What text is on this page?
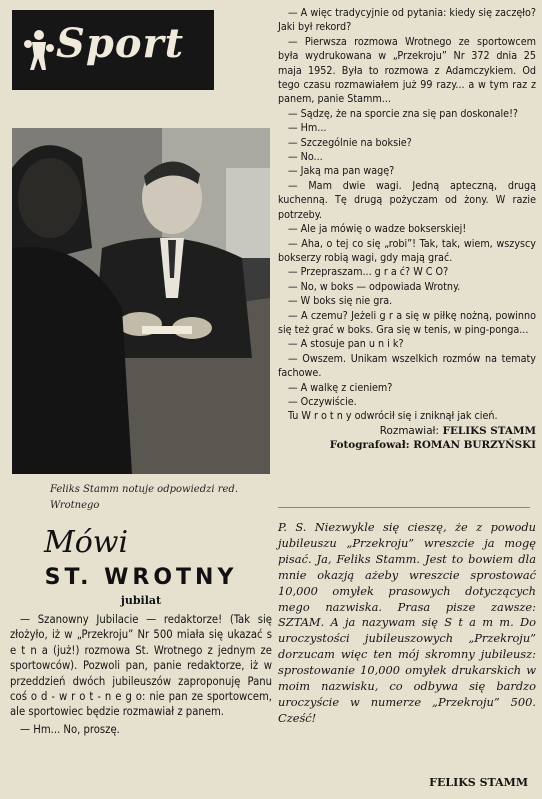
Sport
Feliks Stamm notuje odpowiedzi red. Wrotnego
Mówi
ST. WROTNY
jubilat

— Szanowny Jubilacie — redaktorze! (Tak się złożyło, iż w „Przekroju” Nr 500 miała się ukazać s e t n a (już!) rozmowa St. Wrotnego z jednym ze sportowców). Pozwoli pan, panie redaktorze, iż w przeddzień dwóch jubileuszów zaproponuję Panu coś o d - w r o t - n e g o: nie pan ze sportowcem, ale sportowiec będzie rozmawiał z panem.

— Hm... No, proszę.

— A więc tradycyjnie od pytania: kiedy się zaczęło? Jaki był rekord?

— Pierwsza rozmowa Wrotnego ze sportowcem była wydrukowana w „Przekroju” Nr 372 dnia 25 maja 1952. Była to rozmowa z Adamczykiem. Od tego czasu rozmawiałem już 99 razy... a w tym raz z panem, panie Stamm...

— Sądzę, że na sporcie zna się pan doskonale!?

— Hm...

— Szczególnie na boksie?

— No...

— Jaką ma pan wagę?

— Mam dwie wagi. Jedną apteczną, drugą kuchenną. Tę drugą pożyczam od żony. W razie potrzeby.

— Ale ja mówię o wadze bokserskiej!

— Aha, o tej co się „robi”! Tak, tak, wiem, wszyscy bokserzy robią wagi, gdy mają grać.

— Przepraszam... g r a ć? W C O?

— No, w boks — odpowiada Wrotny.

— W boks się nie gra.

— A czemu? Jeżeli g r a się w piłkę nożną, powinno się też grać w boks. Gra się w tenis, w ping-ponga...

— A stosuje pan u n i k?

— Owszem. Unikam wszelkich rozmów na tematy fachowe.

— A walkę z cieniem?

— Oczywiście.

Tu W r o t n y odwrócił się i zniknął jak cień.

Rozmawiał: FELIKS STAMM
Fotografował: ROMAN BURZYŃSKI
P. S. Niezwykle się cieszę, że z powodu jubileuszu „Przekroju” wreszcie ja mogę pisać. Ja, Feliks Stamm. Jest to bowiem dla mnie okazją ażeby wreszcie sprostować 10,000 omyłek prasowych dotyczących mego nazwiska. Prasa pisze zawsze: SZTAM. A ja nazywam się S t a m m. Do uroczystości jubileuszowych „Przekroju” dorzucam więc ten mój skromny jubileusz: sprostowanie 10,000 omyłek drukarskich w moim nazwisku, co odbywa się bardzo uroczyście w numerze „Przekroju” 500. Cześć!
FELIKS STAMM
